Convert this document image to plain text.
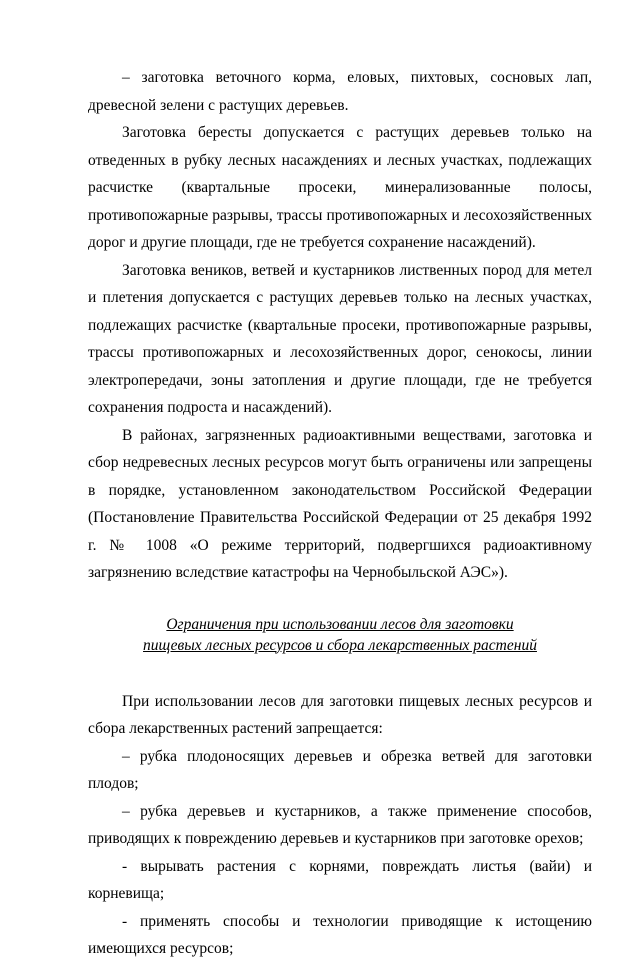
– заготовка веточного корма, еловых, пихтовых, сосновых лап, древесной зелени с растущих деревьев.

Заготовка бересты допускается с растущих деревьев только на отведенных в рубку лесных насаждениях и лесных участках, подлежащих расчистке (квартальные просеки, минерализованные полосы, противопожарные разрывы, трассы противопожарных и лесохозяйственных дорог и другие площади, где не требуется сохранение насаждений).

Заготовка веников, ветвей и кустарников лиственных пород для метел и плетения допускается с растущих деревьев только на лесных участках, подлежащих расчистке (квартальные просеки, противопожарные разрывы, трассы противопожарных и лесохозяйственных дорог, сенокосы, линии электропередачи, зоны затопления и другие площади, где не требуется сохранения подроста и насаждений).

В районах, загрязненных радиоактивными веществами, заготовка и сбор недревесных лесных ресурсов могут быть ограничены или запрещены в порядке, установленном законодательством Российской Федерации (Постановление Правительства Российской Федерации от 25 декабря 1992 г. № 1008 «О режиме территорий, подвергшихся радиоактивному загрязнению вследствие катастрофы на Чернобыльской АЭС»).

Ограничения при использовании лесов для заготовки
пищевых лесных ресурсов и сбора лекарственных растений

При использовании лесов для заготовки пищевых лесных ресурсов и сбора лекарственных растений запрещается:

– рубка плодоносящих деревьев и обрезка ветвей для заготовки плодов;

– рубка деревьев и кустарников, а также применение способов, приводящих к повреждению деревьев и кустарников при заготовке орехов;

- вырывать растения с корнями, повреждать листья (вайи) и корневища;

- применять способы и технологии приводящие к истощению имеющихся ресурсов;
